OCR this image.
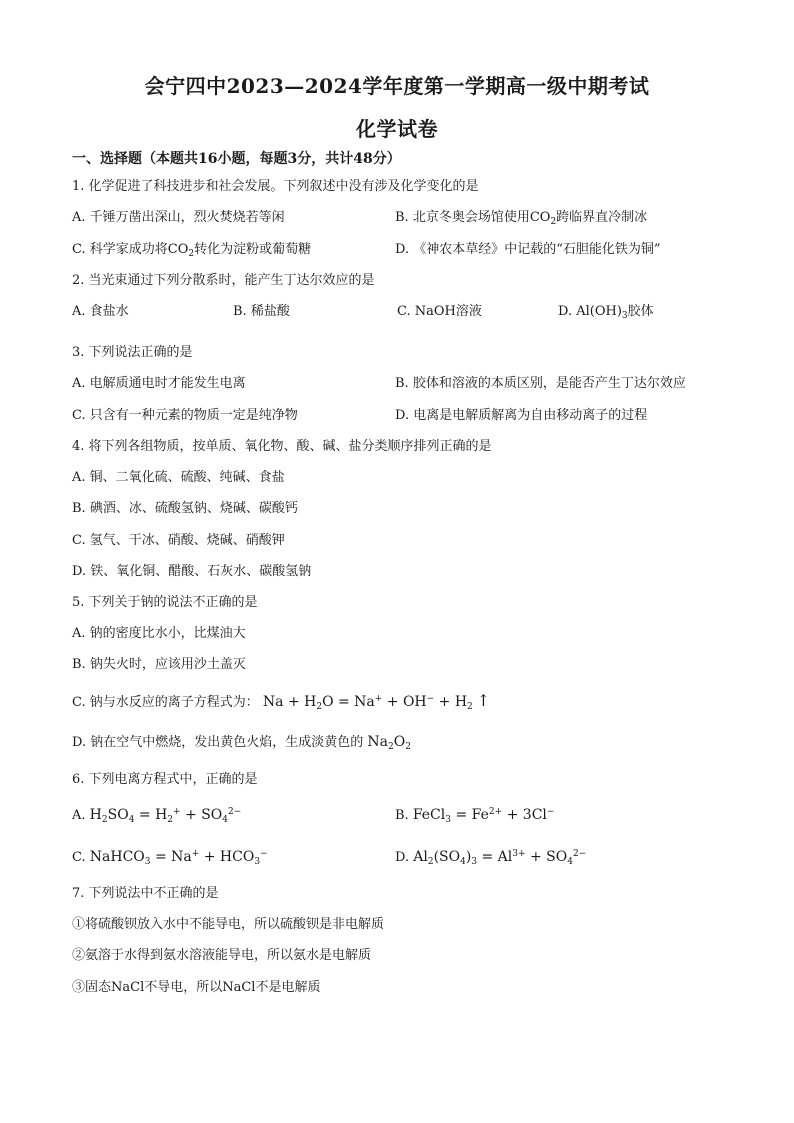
会宁四中2023—2024学年度第一学期高一级中期考试
化学试卷
一、选择题（本题共16小题，每题3分，共计48分）
1. 化学促进了科技进步和社会发展。下列叙述中没有涉及化学变化的是
A. 千锤万凿出深山，烈火焚烧若等闲	B. 北京冬奥会场馆使用$CO_2$跨临界直冷制冰
C. 科学家成功将$CO_2$转化为淀粉或葡萄糖	D. 《神农本草经》中记载的“石胆能化铁为铜”
2. 当光束通过下列分散系时，能产生丁达尔效应的是
A. 食盐水	B. 稀盐酸	C. NaOH溶液	D. $Al(OH)_3$胶体
3. 下列说法正确的是
A. 电解质通电时才能发生电离	B. 胶体和溶液的本质区别，是能否产生丁达尔效应
C. 只含有一种元素的物质一定是纯净物	D. 电离是电解质解离为自由移动离子的过程
4. 将下列各组物质，按单质、氧化物、酸、碱、盐分类顺序排列正确的是
A. 铜、二氧化硫、硫酸、纯碱、食盐
B. 碘酒、冰、硫酸氢钠、烧碱、碳酸钙
C. 氢气、干冰、硝酸、烧碱、硝酸钾
D. 铁、氧化铜、醋酸、石灰水、碳酸氢钠
5. 下列关于钠的说法不正确的是
A. 钠的密度比水小，比煤油大
B. 钠失火时，应该用沙土盖灭
C. 钠与水反应的离子方程式为： $Na + H_2O = Na^+ + OH^- + H_2$ ↑
D. 钠在空气中燃烧，发出黄色火焰，生成淡黄色的 $Na_2O_2$
6. 下列电离方程式中，正确的是
A. $H_2SO_4 = H_2^+ + SO_4^{2-}$	B. FeCl$_3$ = $Fe^{2+} + 3Cl^-$
C. NaHCO$_3$ = $Na^+ + HCO_3^-$	D. $Al_2(SO_4)_3 = Al^{3+} + SO_4^{2-}$
7. 下列说法中不正确的是
①将硫酸钡放入水中不能导电，所以硫酸钡是非电解质
②氨溶于水得到氨水溶液能导电，所以氨水是电解质
③固态NaCl不导电，所以NaCl不是电解质
